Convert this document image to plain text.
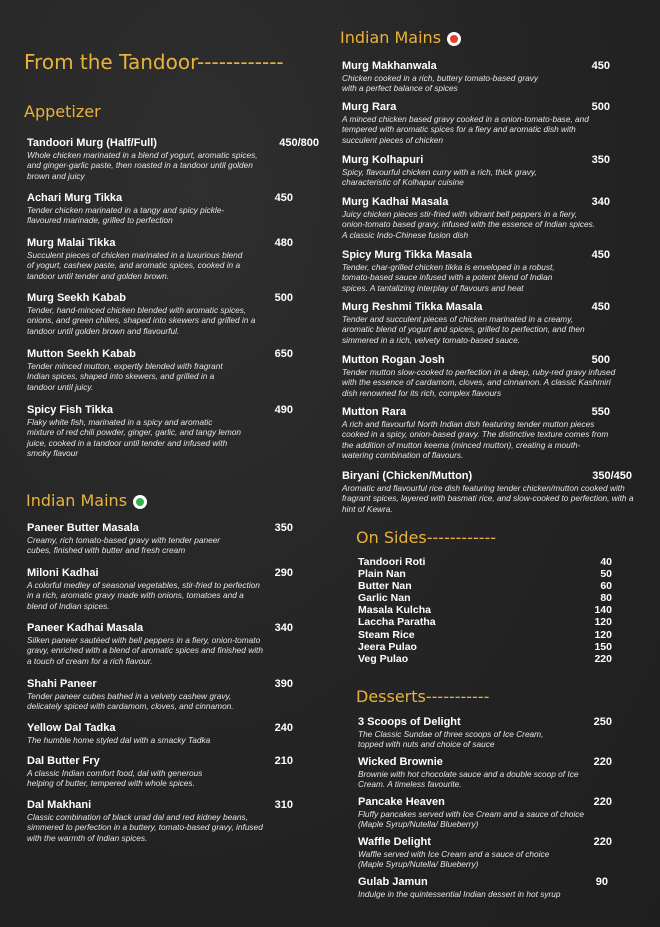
From the Tandoor------------
Appetizer
Tandoori Murg (Half/Full)	450/800
Whole chicken marinated in a blend of yogurt, aromatic spices, and ginger-garlic paste, then roasted in a tandoor until golden brown and juicy
Achari Murg Tikka	450
Tender chicken marinated in a tangy and spicy pickle-flavoured marinade, grilled to perfection
Murg Malai Tikka	480
Succulent pieces of chicken marinated in a luxurious blend of yogurt, cashew paste, and aromatic spices, cooked in a tandoor until tender and golden brown.
Murg Seekh Kabab	500
Tender, hand-minced chicken blended with aromatic spices, onions, and green chilies, shaped into skewers and grilled in a tandoor until golden brown and flavourful.
Mutton Seekh Kabab	650
Tender minced mutton, expertly blended with fragrant Indian spices, shaped into skewers, and grilled in a tandoor until juicy.
Spicy Fish Tikka	490
Flaky white fish, marinated in a spicy and aromatic mixture of red chili powder, ginger, garlic, and tangy lemon juice, cooked in a tandoor until tender and infused with smoky flavour
Indian Mains
Paneer Butter Masala	350
Creamy, rich tomato-based gravy with tender paneer cubes, finished with butter and fresh cream
Miloni Kadhai	290
A colorful medley of seasonal vegetables, stir-fried to perfection in a rich, aromatic gravy made with onions, tomatoes and a blend of Indian spices.
Paneer Kadhai Masala	340
Silken paneer sautéed with bell peppers in a fiery, onion-tomato gravy, enriched with a blend of aromatic spices and finished with a touch of cream for a rich flavour.
Shahi Paneer	390
Tender paneer cubes bathed in a velvety cashew gravy, delicately spiced with cardamom, cloves, and cinnamon.
Yellow Dal Tadka	240
The humble home styled dal with a smacky Tadka
Dal Butter Fry	210
A classic Indian comfort food, dal with generous helping of butter, tempered with whole spices.
Dal Makhani	310
Classic combination of black urad dal and red kidney beans, simmered to perfection in a buttery, tomato-based gravy, infused with the warmth of Indian spices.
Indian Mains
Murg Makhanwala	450
Chicken cooked in a rich, buttery tomato-based gravy with a perfect balance of spices
Murg Rara	500
A minced chicken based gravy cooked in a onion-tomato-base, and tempered with aromatic spices for a fiery and aromatic dish with succulent pieces of chicken
Murg Kolhapuri	350
Spicy, flavourful chicken curry with a rich, thick gravy, characteristic of Kolhapur cuisine
Murg Kadhai Masala	340
Juicy chicken pieces stir-fried with vibrant bell peppers in a fiery, onion-tomato based gravy, infused with the essence of Indian spices. A classic Indo-Chinese fusion dish
Spicy Murg Tikka Masala	450
Tender, char-grilled chicken tikka is enveloped in a robust, tomato-based sauce infused with a potent blend of Indian spices. A tantalizing interplay of flavours and heat
Murg Reshmi Tikka Masala	450
Tender and succulent pieces of chicken marinated in a creamy, aromatic blend of yogurt and spices, grilled to perfection, and then simmered in a rich, velvety tomato-based sauce.
Mutton Rogan Josh	500
Tender mutton slow-cooked to perfection in a deep, ruby-red gravy infused with the essence of cardamom, cloves, and cinnamon. A classic Kashmiri dish renowned for its rich, complex flavours
Mutton Rara	550
A rich and flavourful North Indian dish featuring tender mutton pieces cooked in a spicy, onion-based gravy. The distinctive texture comes from the addition of mutton keema (minced mutton), creating a mouth-watering combination of flavours.
Biryani (Chicken/Mutton)	350/450
Aromatic and flavourful rice dish featuring tender chicken/mutton cooked with fragrant spices, layered with basmati rice, and slow-cooked to perfection, with a hint of Kewra.
On Sides------------
Tandoori Roti	40
Plain Nan	50
Butter Nan	60
Garlic Nan	80
Masala Kulcha	140
Laccha Paratha	120
Steam Rice	120
Jeera Pulao	150
Veg Pulao	220
Desserts-----------
3 Scoops of Delight	250
The Classic Sundae of three scoops of Ice Cream, topped with nuts and choice of sauce
Wicked Brownie	220
Brownie with hot chocolate sauce and a double scoop of Ice Cream. A timeless favourite.
Pancake Heaven	220
Fluffy pancakes served with Ice Cream and a sauce of choice (Maple Syrup/Nutella/ Blueberry)
Waffle Delight	220
Waffle served with Ice Cream and a sauce of choice (Maple Syrup/Nutella/ Blueberry)
Gulab Jamun	90
Indulge in the quintessential Indian dessert in hot syrup
